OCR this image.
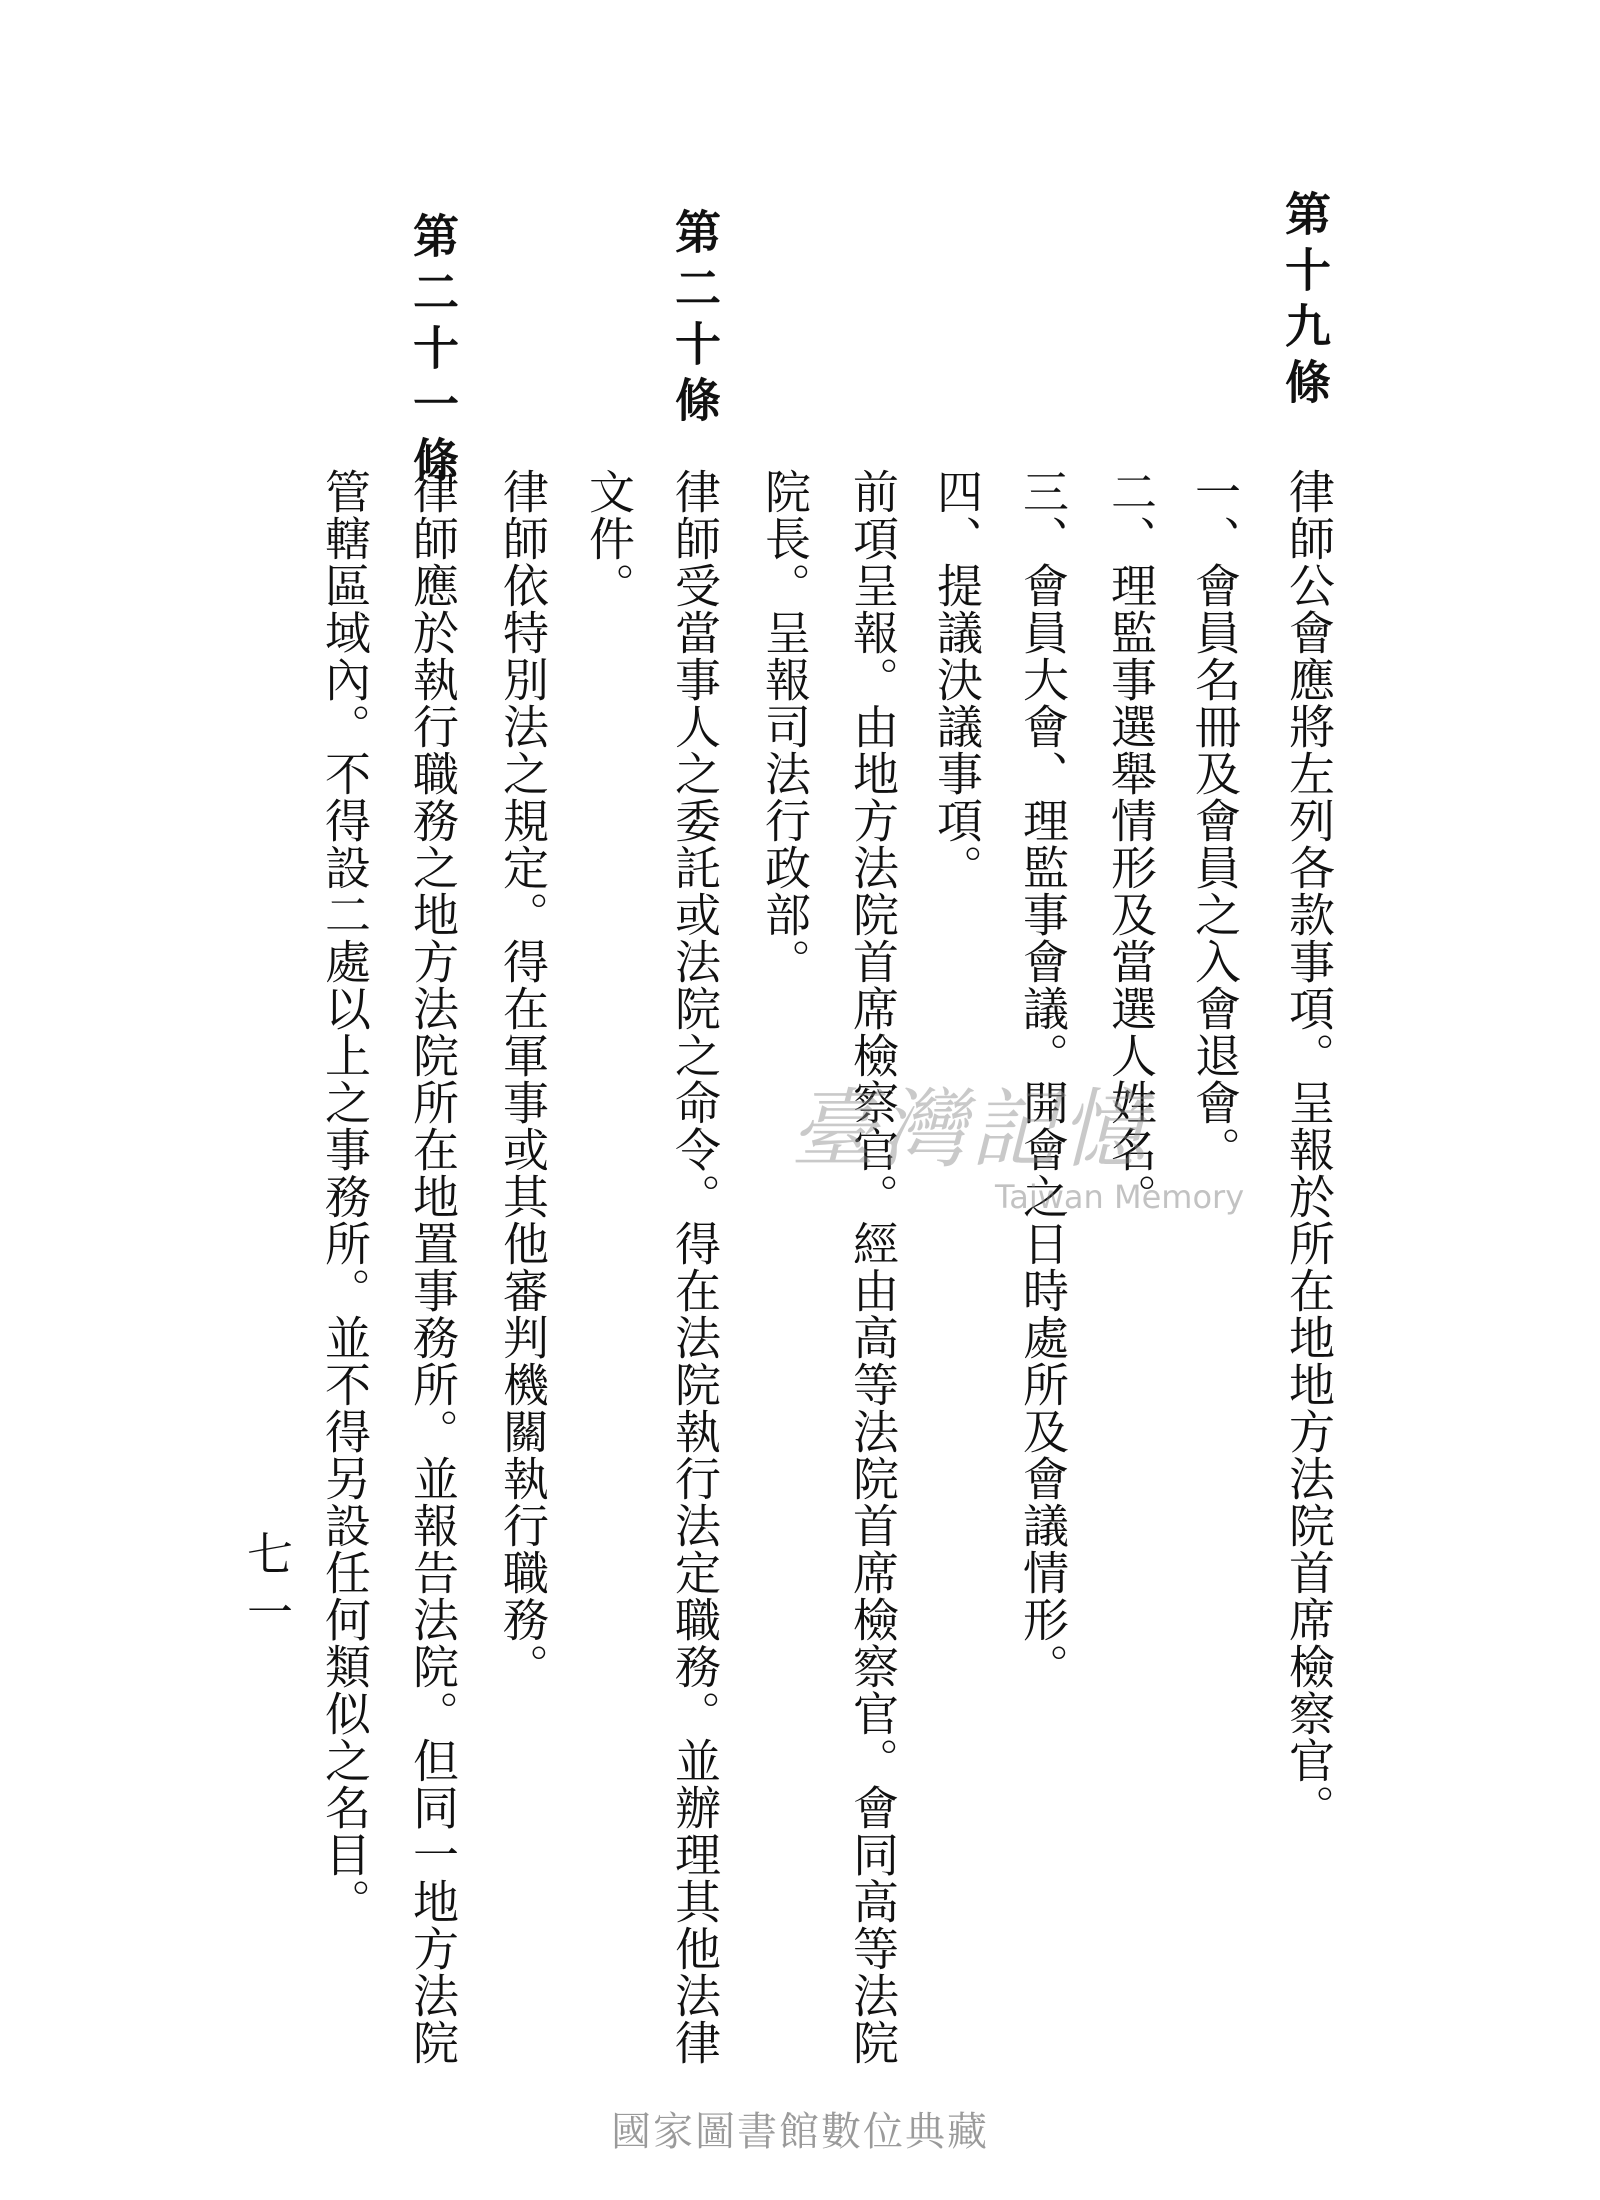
第十九條
律師公會應將左列各款事項。呈報於所在地地方法院首席檢察官。
一、會員名冊及會員之入會退會。
二、理監事選舉情形及當選人姓名。
三、會員大會、理監事會議。開會之日時處所及會議情形。
四、提議決議事項。
前項呈報。由地方法院首席檢察官。經由高等法院首席檢察官。會同高等法院
院長。呈報司法行政部。
第二十條
律師受當事人之委託或法院之命令。得在法院執行法定職務。並辦理其他法律
文件。
律師依特別法之規定。得在軍事或其他審判機關執行職務。
第二十一條
律師應於執行職務之地方法院所在地置事務所。並報告法院。但同一地方法院
管轄區域內。不得設二處以上之事務所。並不得另設任何類似之名目。
七一
臺灣記憶
Taiwan Memory
國家圖書館數位典藏
